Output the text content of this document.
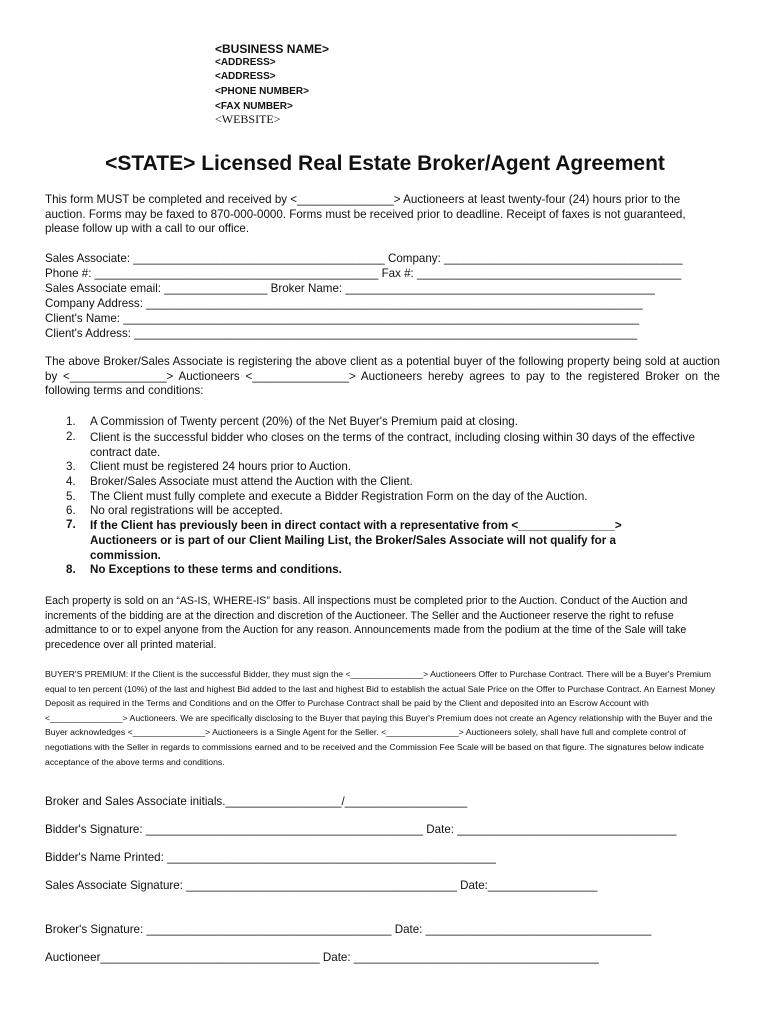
<BUSINESS NAME>
<ADDRESS>
<ADDRESS>
<PHONE NUMBER>
<FAX NUMBER>
<WEBSITE>
<STATE> Licensed Real Estate Broker/Agent Agreement
This form MUST be completed and received by <_______________> Auctioneers at least twenty-four (24) hours prior to the auction. Forms may be faxed to 870-000-0000. Forms must be received prior to deadline. Receipt of faxes is not guaranteed, please follow up with a call to our office.
Sales Associate: _______________________________________ Company: _____________________________________
Phone #: ____________________________________________ Fax #: _________________________________________
Sales Associate email: ________________ Broker Name: ________________________________________________
Company Address: _____________________________________________________________________________
Client's Name: ________________________________________________________________________________
Client's Address: ______________________________________________________________________________
The above Broker/Sales Associate is registering the above client as a potential buyer of the following property being sold at auction by <_______________> Auctioneers <_______________> Auctioneers hereby agrees to pay to the registered Broker on the following terms and conditions:
1. A Commission of Twenty percent (20%) of the Net Buyer's Premium paid at closing.
2. Client is the successful bidder who closes on the terms of the contract, including closing within 30 days of the effective contract date.
3. Client must be registered 24 hours prior to Auction.
4. Broker/Sales Associate must attend the Auction with the Client.
5. The Client must fully complete and execute a Bidder Registration Form on the day of the Auction.
6. No oral registrations will be accepted.
7. If the Client has previously been in direct contact with a representative from <_______________> Auctioneers or is part of our Client Mailing List, the Broker/Sales Associate will not qualify for a commission.
8. No Exceptions to these terms and conditions.
Each property is sold on an “AS-IS, WHERE-IS” basis. All inspections must be completed prior to the Auction. Conduct of the Auction and increments of the bidding are at the direction and discretion of the Auctioneer. The Seller and the Auctioneer reserve the right to refuse admittance to or to expel anyone from the Auction for any reason. Announcements made from the podium at the time of the Sale will take precedence over all printed material.
BUYER'S PREMIUM: If the Client is the successful Bidder, they must sign the <_______________> Auctioneers Offer to Purchase Contract. There will be a Buyer's Premium equal to ten percent (10%) of the last and highest Bid added to the last and highest Bid to establish the actual Sale Price on the Offer to Purchase Contract. An Earnest Money Deposit as required in the Terms and Conditions and on the Offer to Purchase Contract shall be paid by the Client and deposited into an Escrow Account with <_______________> Auctioneers. We are specifically disclosing to the Buyer that paying this Buyer's Premium does not create an Agency relationship with the Buyer and the Buyer acknowledges <_______________> Auctioneers is a Single Agent for the Seller. <_______________> Auctioneers solely, shall have full and complete control of negotiations with the Seller in regards to commissions earned and to be received and the Commission Fee Scale will be based on that figure. The signatures below indicate acceptance of the above terms and conditions.
Broker and Sales Associate initials.__________________/___________________
Bidder's Signature: ___________________________________________ Date: __________________________________
Bidder's Name Printed: ___________________________________________________
Sales Associate Signature: __________________________________________ Date:_________________
Broker's Signature: ______________________________________ Date: ___________________________________
Auctioneer__________________________________ Date: ______________________________________
